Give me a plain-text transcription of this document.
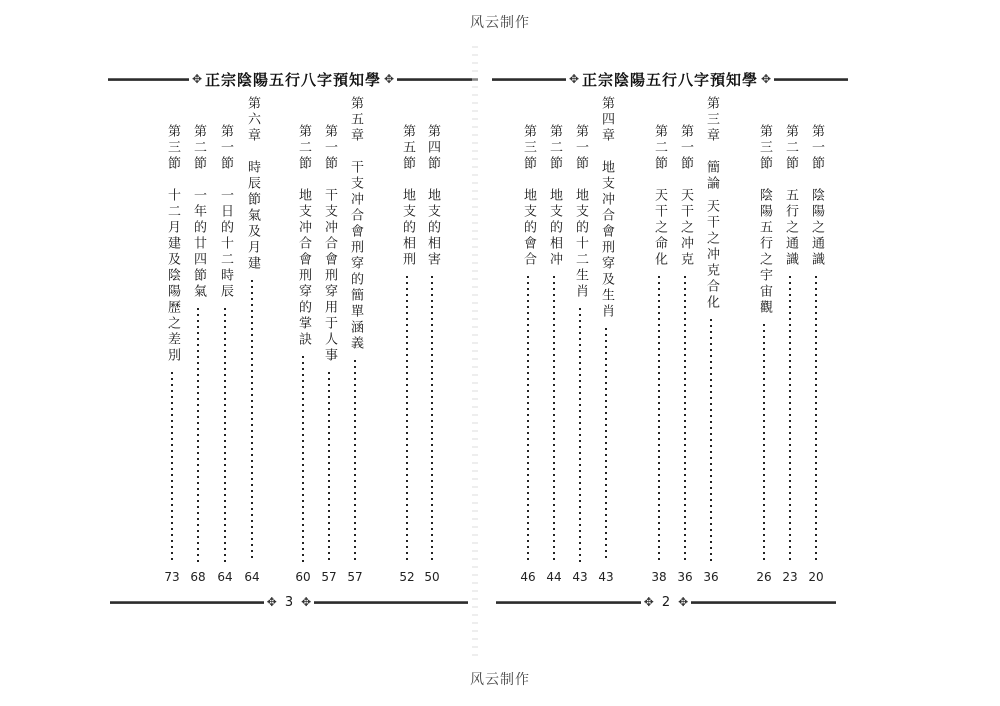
风云制作
风云制作
✥ 正宗陰陽五行八字預知學 ✥
✥ 3 ✥
✥ 正宗陰陽五行八字預知學 ✥
✥ 2 ✥
第四節地支的相害
50
第五節地支的相刑
52
第五章干支冲合會刑穿的簡單涵義
57
第一節干支冲合會刑穿用于人事
57
第二節地支冲合會刑穿的掌訣
60
第六章時辰節氣及月建
64
第一節一日的十二時辰
64
第二節一年的廿四節氣
68
第三節十二月建及陰陽歷之差別
73
第一節陰陽之通識
20
第二節五行之通識
23
第三節陰陽五行之宇宙觀
26
第三章簡論 天干之冲克合化
36
第一節天干之冲克
36
第二節天干之命化
38
第四章地支冲合會刑穿及生肖
43
第一節地支的十二生肖
43
第二節地支的相冲
44
第三節地支的會合
46
